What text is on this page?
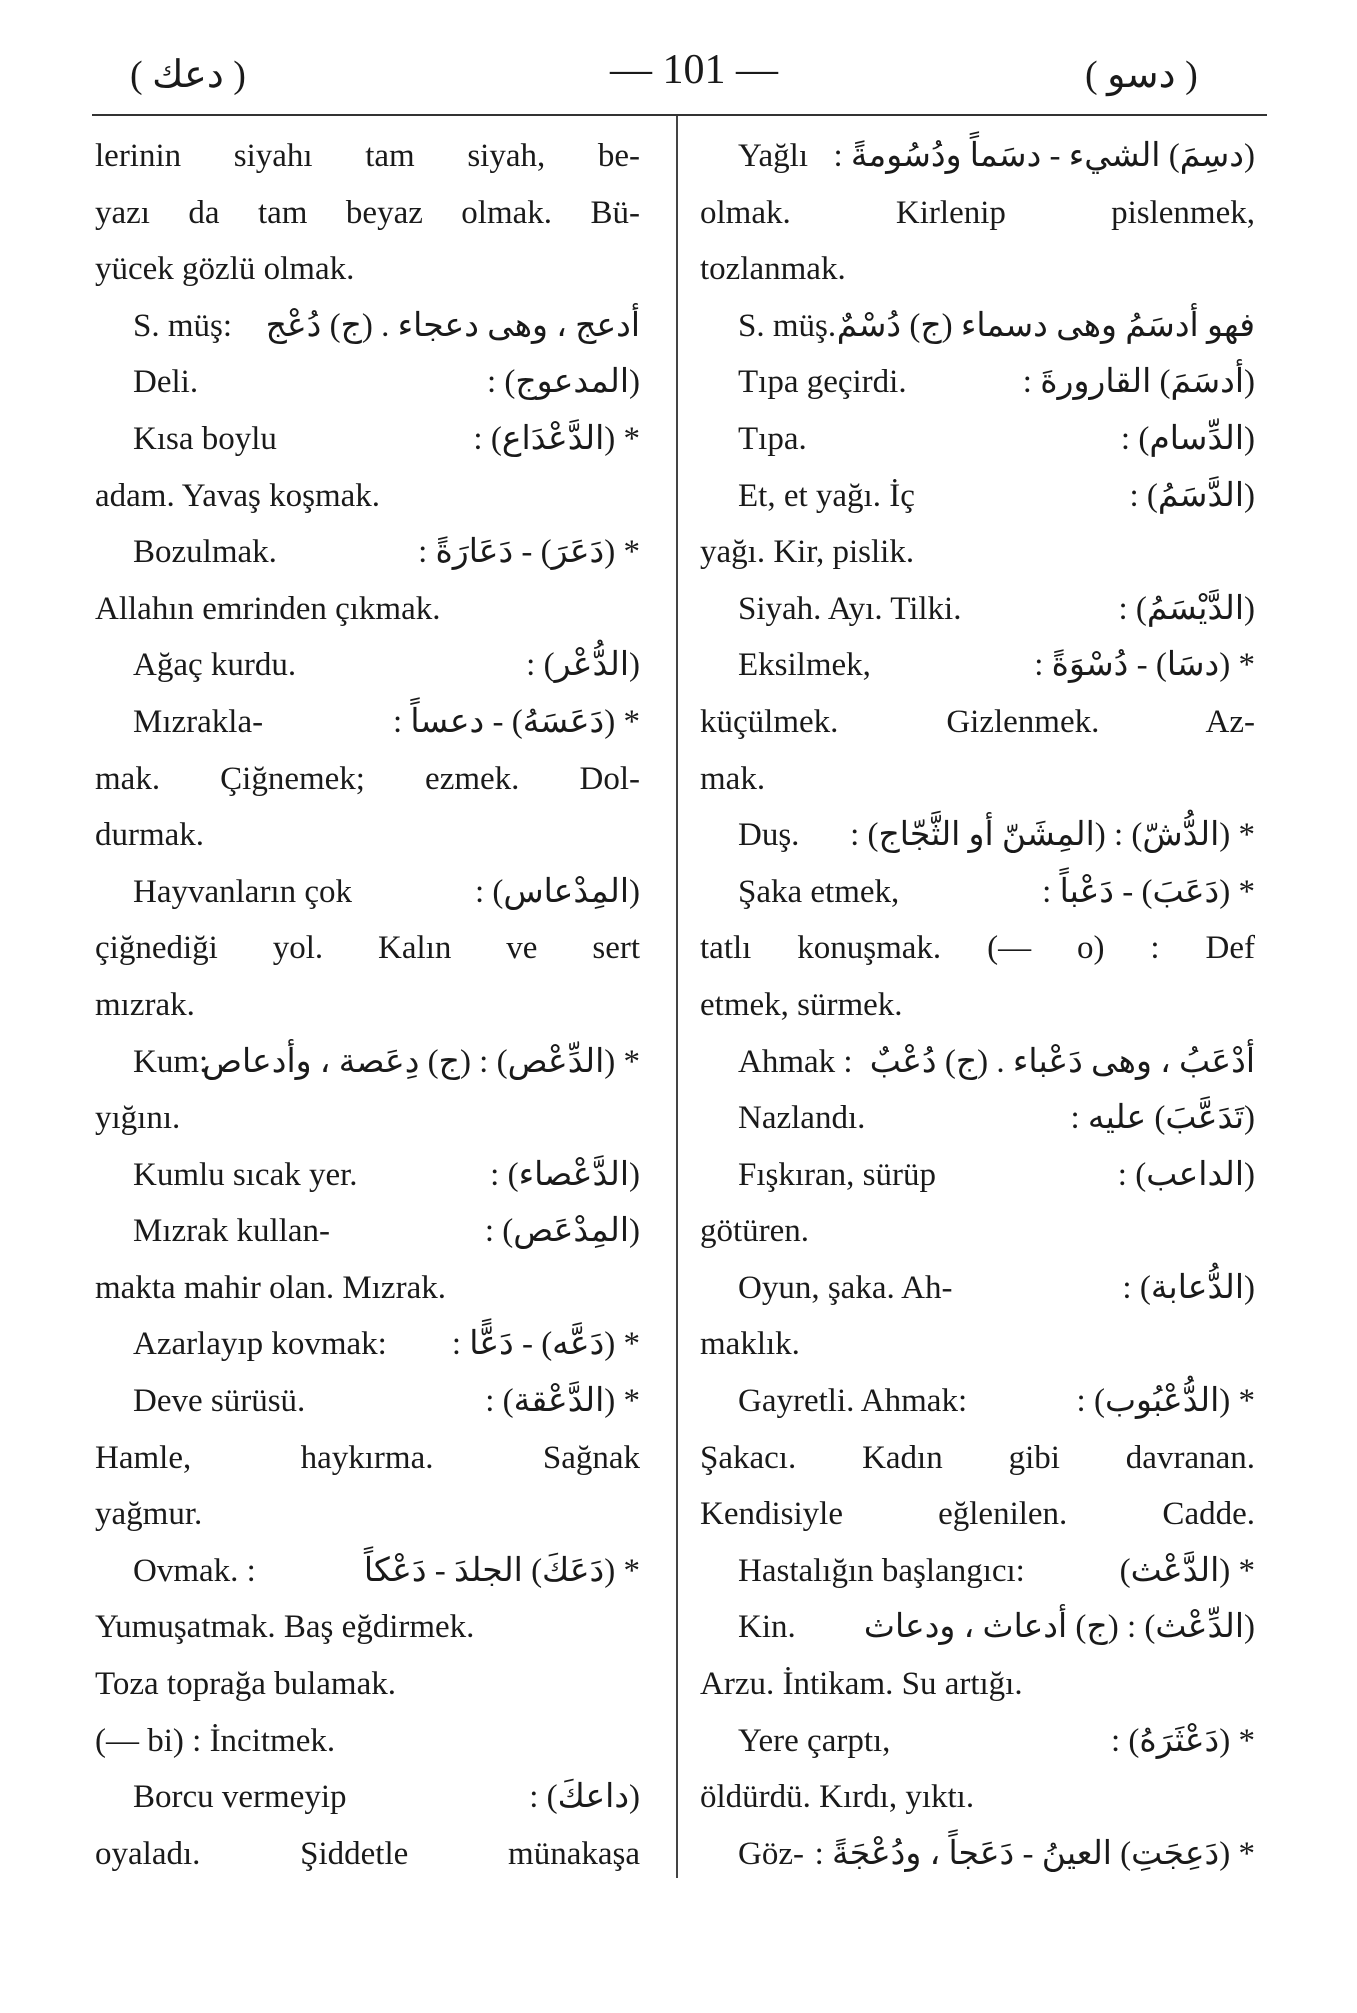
( دعك )	— 101 —	( دسو )
lerinin siyahı tam siyah, be-
yazı da tam beyaz olmak. Bü-
yücek gözlü olmak.
S. müş: أدعج ، وهى دعجاء . (ج) دُعْج
Deli.	(المدعوج) :
Kısa boylu	* (الدَّعْدَاع) :
adam. Yavaş koşmak.
Bozulmak.	* (دَعَرَ) - دَعَارَةً :
Allahın emrinden çıkmak.
Ağaç kurdu.	(الدُّعْر) :
Mızrakla-	* (دَعَسَهُ) - دعساً :
mak. Çiğnemek; ezmek. Dol-
durmak.
Hayvanların çok	(المِدْعاس) :
çiğnediği yol. Kalın ve sert
mızrak.
Kum:
* (الدِّعْص) : (ج) دِعَصة ، وأدعاص
yığını.
Kumlu sıcak yer.	(الدَّعْصاء) :
Mızrak kullan-	(المِدْعَص) :
makta mahir olan. Mızrak.
Azarlayıp kovmak: * (دَعَّه) - دَعًّا :
Deve sürüsü.	* (الدَّعْقة) :
Hamle, haykırma. Sağnak
yağmur.
Ovmak. :	* (دَعَكَ) الجلدَ - دَعْكاً
Yumuşatmak. Baş eğdirmek.
Toza toprağa bulamak.
(— bi) : İncitmek.
Borcu vermeyip	(داعكَ) :
oyaladı. Şiddetle münakaşa
Yağlı (دسِمَ) الشيء - دسَماً ودُسُومةً :
olmak. Kirlenip pislenmek,
tozlanmak.
S. müş. فهو أدسَمُ وهى دسماء (ج) دُسْمٌ
Tıpa geçirdi.	(أدسَمَ) القارورةَ :
Tıpa.	(الدِّسام) :
Et, et yağı. İç	(الدَّسَمُ) :
yağı. Kir, pislik.
Siyah. Ayı. Tilki.	(الدَّيْسَمُ) :
Eksilmek,	* (دسَا) - دُسْوَةً :
küçülmek. Gizlenmek. Az-
mak.
Duş. * (الدُّشّ) : (المِشَنّ أو الثَّجّاج) :
Şaka etmek,	* (دَعَبَ) - دَعْباً :
tatlı konuşmak. (— o) : Def
etmek, sürmek.
Ahmak : أدْعَبُ ، وهى دَعْباء . (ج) دُعْبٌ
Nazlandı.	(تَدَعَّبَ) عليه :
Fışkıran, sürüp	(الداعب) :
götüren.
Oyun, şaka. Ah-	(الدُّعابة) :
maklık.
Gayretli. Ahmak:	* (الدُّعْبُوب) :
Şakacı. Kadın gibi davranan.
Kendisiyle eğlenilen. Cadde.
Hastalığın başlangıcı:	* (الدَّعْث)
Kin. (الدِّعْث) : (ج) أدعاث ، ودعاث
Arzu. İntikam. Su artığı.
Yere çarptı,	* (دَعْثَرَهُ) :
öldürdü. Kırdı, yıktı.
Göz- * (دَعِجَتِ) العينُ - دَعَجاً ، ودُعْجَةً :
